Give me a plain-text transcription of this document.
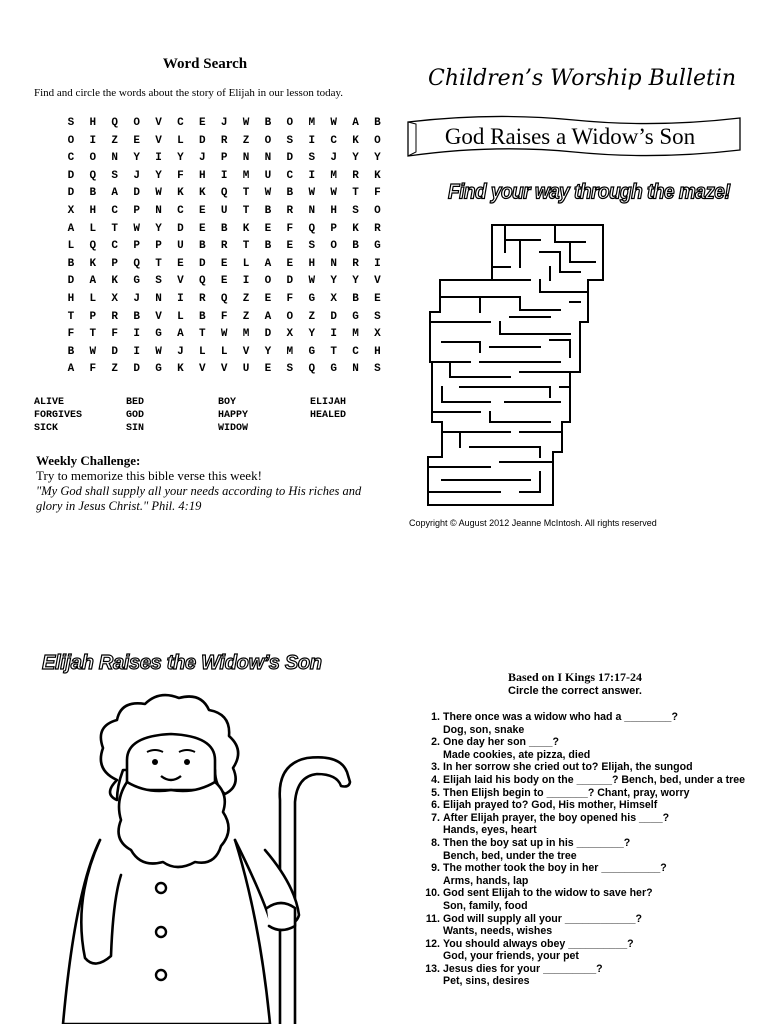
Word Search
Find and circle the words about the story of Elijah in our lesson today.
S H Q O V C E J W B O M W A B
O I Z E V L D R Z O S I C K O
C O N Y I Y J P N N D S J Y Y
D Q S J Y F H I M U C I M R K
D B A D W K K Q T W B W W T F
X H C P N C E U T B R N H S O
A L T W Y D E B K E F Q P K R
L Q C P P U B R T B E S O B G
B K P Q T E D E L A E H N R I
D A K G S V Q E I O D W Y Y V
H L X J N I R Q Z E F G X B E
T P R B V L B F Z A O Z D G S
F T F I G A T W M D X Y I M X
B W D I W J L L V Y M G T C H
A F Z D G K V V U E S Q G N S
ALIVE	BED	BOY	ELIJAH
FORGIVES	GOD	HAPPY	HEALED
SICK	SIN	WIDOW
Weekly Challenge:
Try to memorize this bible verse this week!
"My God shall supply all your needs according to His riches and glory in Jesus Christ." Phil. 4:19
Children’s Worship Bulletin
God Raises a Widow’s Son
Find your way through the maze!
Copyright © August 2012 Jeanne McIntosh. All rights reserved
Elijah Raises the Widow’s Son
Based on I Kings 17:17-24
Circle the correct answer.
1. There once was a widow who had a ________?
Dog, son, snake
2. One day her son ____?
Made cookies, ate pizza, died
3. In her sorrow she cried out to? Elijah, the sungod
4. Elijah laid his body on the ______? Bench, bed, under a tree
5. Then Elijsh begin to _______? Chant, pray, worry
6. Elijah prayed to? God, His mother, Himself
7. After Elijah prayer, the boy opened his ____?
Hands, eyes, heart
8. Then the boy sat up in his ________?
Bench, bed, under the tree
9. The mother took the boy in her __________?
Arms, hands, lap
10. God sent Elijah to the widow to save her?
Son, family, food
11. God will supply all your ____________?
Wants, needs, wishes
12. You should always obey __________?
God, your friends, your pet
13. Jesus dies for your _________?
Pet, sins, desires
